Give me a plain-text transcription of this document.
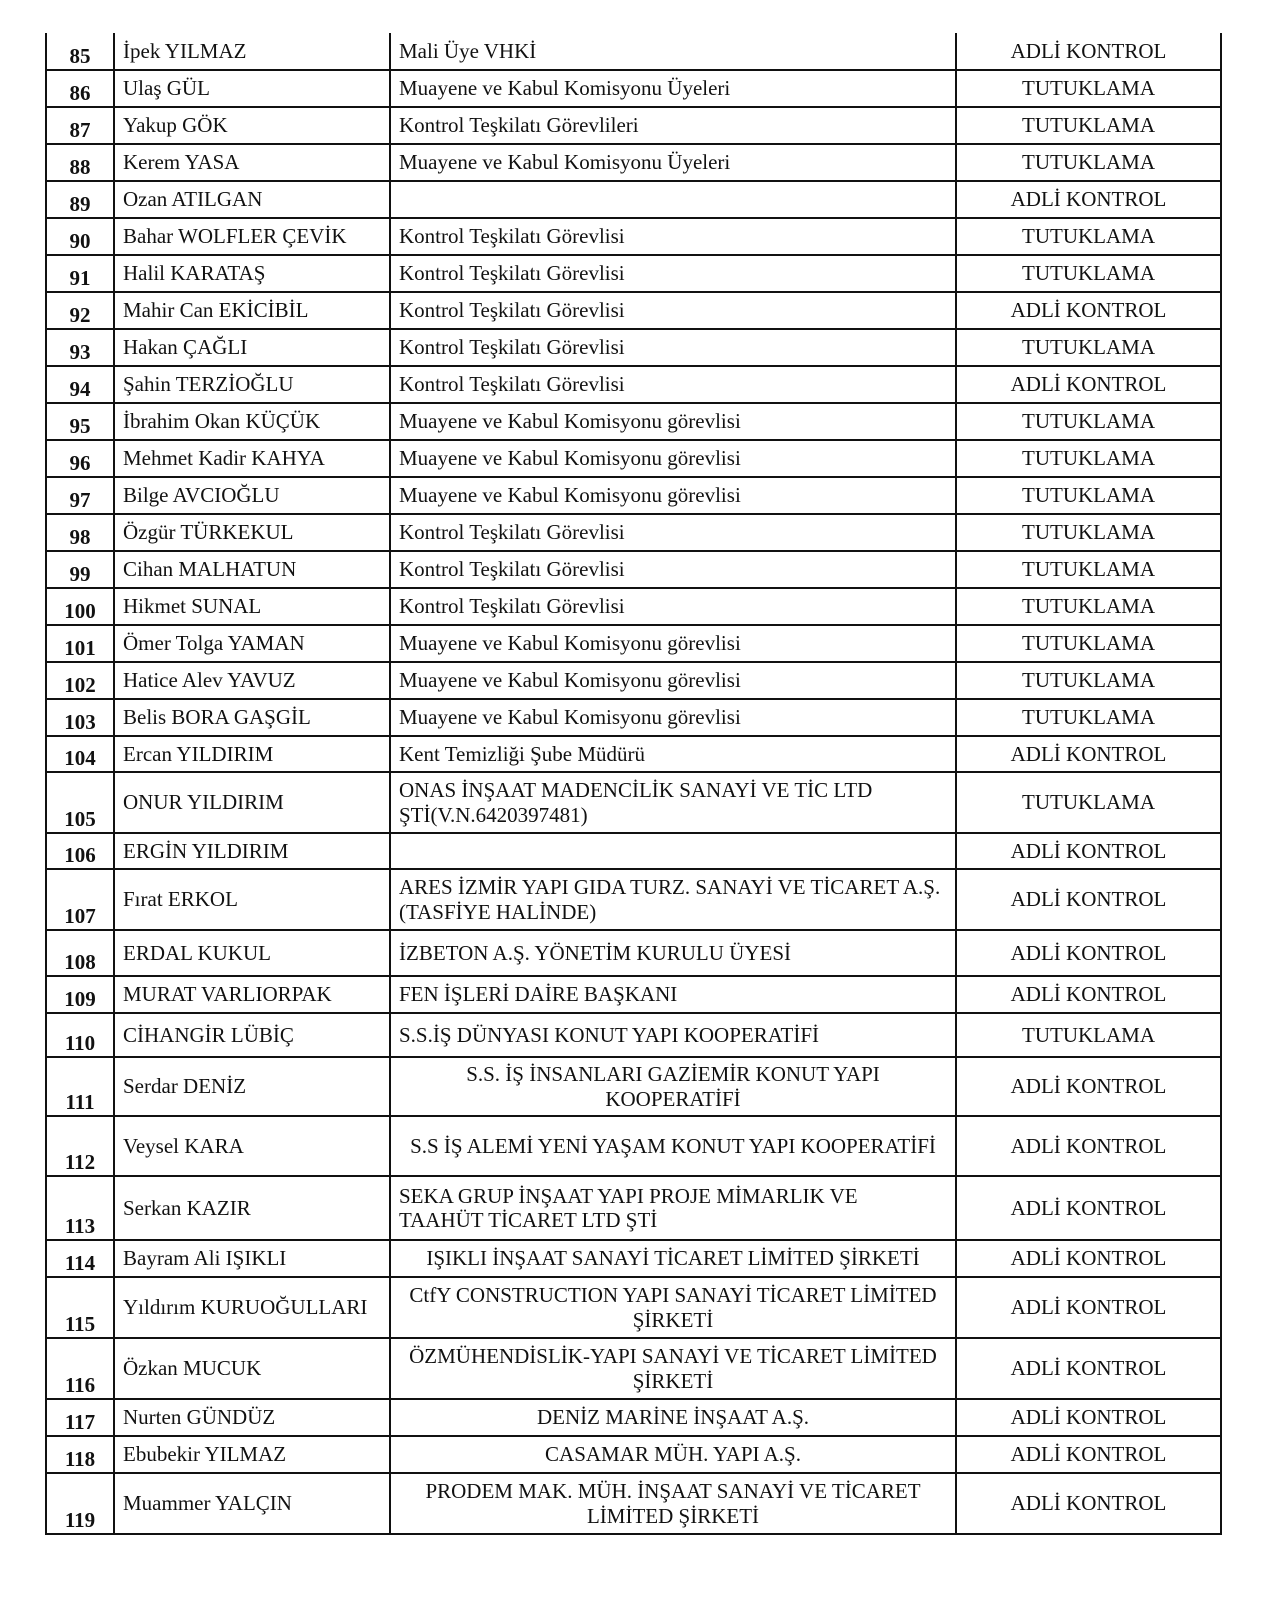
85	İpek YILMAZ	Mali Üye VHKİ	ADLİ KONTROL
86	Ulaş GÜL	Muayene ve Kabul Komisyonu Üyeleri	TUTUKLAMA
87	Yakup GÖK	Kontrol Teşkilatı Görevlileri	TUTUKLAMA
88	Kerem YASA	Muayene ve Kabul Komisyonu Üyeleri	TUTUKLAMA
89	Ozan ATILGAN		ADLİ KONTROL
90	Bahar WOLFLER ÇEVİK	Kontrol Teşkilatı Görevlisi	TUTUKLAMA
91	Halil KARATAŞ	Kontrol Teşkilatı Görevlisi	TUTUKLAMA
92	Mahir Can EKİCİBİL	Kontrol Teşkilatı Görevlisi	ADLİ KONTROL
93	Hakan ÇAĞLI	Kontrol Teşkilatı Görevlisi	TUTUKLAMA
94	Şahin TERZİOĞLU	Kontrol Teşkilatı Görevlisi	ADLİ KONTROL
95	İbrahim Okan KÜÇÜK	Muayene ve Kabul Komisyonu görevlisi	TUTUKLAMA
96	Mehmet Kadir KAHYA	Muayene ve Kabul Komisyonu görevlisi	TUTUKLAMA
97	Bilge AVCIOĞLU	Muayene ve Kabul Komisyonu görevlisi	TUTUKLAMA
98	Özgür TÜRKEKUL	Kontrol Teşkilatı Görevlisi	TUTUKLAMA
99	Cihan MALHATUN	Kontrol Teşkilatı Görevlisi	TUTUKLAMA
100	Hikmet SUNAL	Kontrol Teşkilatı Görevlisi	TUTUKLAMA
101	Ömer Tolga YAMAN	Muayene ve Kabul Komisyonu görevlisi	TUTUKLAMA
102	Hatice Alev YAVUZ	Muayene ve Kabul Komisyonu görevlisi	TUTUKLAMA
103	Belis BORA GAŞGİL	Muayene ve Kabul Komisyonu görevlisi	TUTUKLAMA
104	Ercan YILDIRIM	Kent Temizliği Şube Müdürü	ADLİ KONTROL
105	ONUR YILDIRIM	ONAS İNŞAAT MADENCİLİK SANAYİ VE TİC LTD ŞTİ(V.N.6420397481)	TUTUKLAMA
106	ERGİN YILDIRIM		ADLİ KONTROL
107	Fırat ERKOL	ARES İZMİR YAPI GIDA TURZ. SANAYİ VE TİCARET A.Ş.(TASFİYE HALİNDE)	ADLİ KONTROL
108	ERDAL KUKUL	İZBETON A.Ş. YÖNETİM KURULU ÜYESİ	ADLİ KONTROL
109	MURAT VARLIORPAK	FEN İŞLERİ DAİRE BAŞKANI	ADLİ KONTROL
110	CİHANGİR LÜBİÇ	S.S.İŞ DÜNYASI KONUT YAPI KOOPERATİFİ	TUTUKLAMA
111	Serdar DENİZ	S.S. İŞ İNSANLARI GAZİEMİR KONUT YAPI KOOPERATİFİ	ADLİ KONTROL
112	Veysel KARA	S.S İŞ ALEMİ YENİ YAŞAM KONUT YAPI KOOPERATİFİ	ADLİ KONTROL
113	Serkan KAZIR	SEKA GRUP İNŞAAT YAPI PROJE MİMARLIK VE TAAHÜT TİCARET LTD ŞTİ	ADLİ KONTROL
114	Bayram Ali IŞIKLI	IŞIKLI İNŞAAT SANAYİ TİCARET LİMİTED ŞİRKETİ	ADLİ KONTROL
115	Yıldırım KURUOĞULLARI	CtfY CONSTRUCTION YAPI SANAYİ TİCARET LİMİTED ŞİRKETİ	ADLİ KONTROL
116	Özkan MUCUK	ÖZMÜHENDİSLİK-YAPI SANAYİ VE TİCARET LİMİTED ŞİRKETİ	ADLİ KONTROL
117	Nurten GÜNDÜZ	DENİZ MARİNE İNŞAAT A.Ş.	ADLİ KONTROL
118	Ebubekir YILMAZ	CASAMAR MÜH. YAPI A.Ş.	ADLİ KONTROL
119	Muammer YALÇIN	PRODEM MAK. MÜH. İNŞAAT SANAYİ VE TİCARET LİMİTED ŞİRKETİ	ADLİ KONTROL
